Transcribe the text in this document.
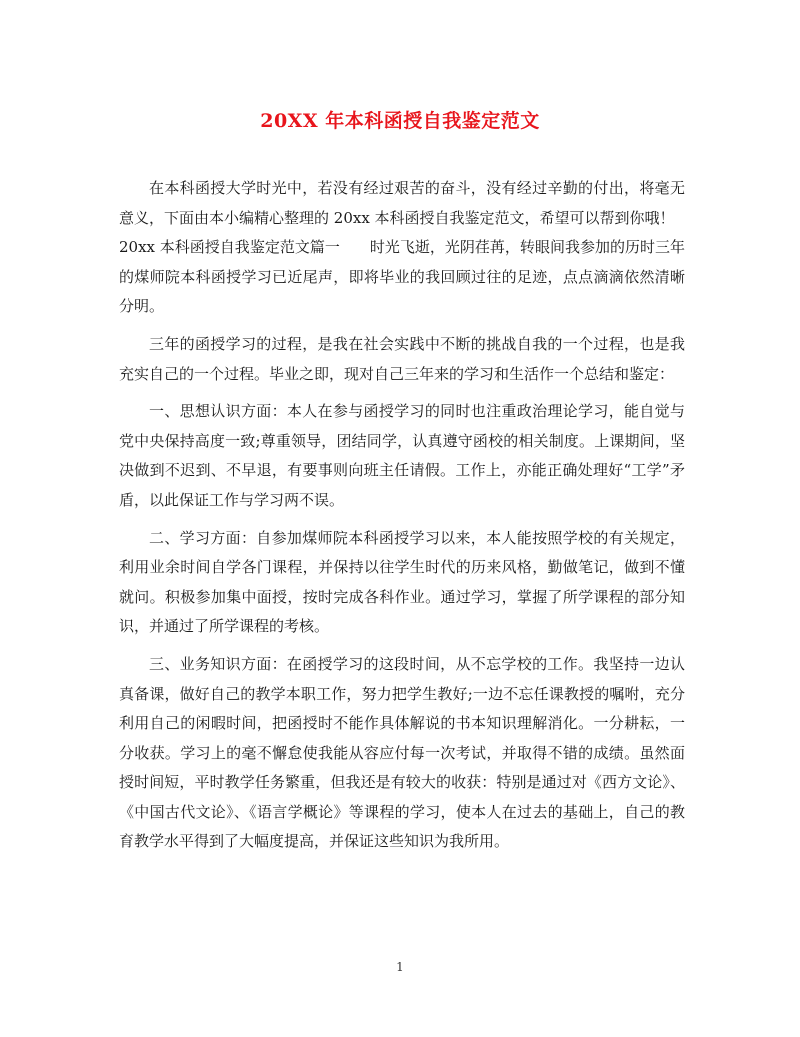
20XX 年本科函授自我鉴定范文

在本科函授大学时光中，若没有经过艰苦的奋斗，没有经过辛勤的付出，将毫无意义，下面由本小编精心整理的 20xx 本科函授自我鉴定范文，希望可以帮到你哦！

20xx 本科函授自我鉴定范文篇一　　时光飞逝，光阴荏苒，转眼间我参加的历时三年的煤师院本科函授学习已近尾声，即将毕业的我回顾过往的足迹，点点滴滴依然清晰分明。

三年的函授学习的过程，是我在社会实践中不断的挑战自我的一个过程，也是我充实自己的一个过程。毕业之即，现对自己三年来的学习和生活作一个总结和鉴定：

一、思想认识方面：本人在参与函授学习的同时也注重政治理论学习，能自觉与党中央保持高度一致;尊重领导，团结同学，认真遵守函校的相关制度。上课期间，坚决做到不迟到、不早退，有要事则向班主任请假。工作上，亦能正确处理好“工学”矛盾，以此保证工作与学习两不误。

二、学习方面：自参加煤师院本科函授学习以来，本人能按照学校的有关规定，利用业余时间自学各门课程，并保持以往学生时代的历来风格，勤做笔记，做到不懂就问。积极参加集中面授，按时完成各科作业。通过学习，掌握了所学课程的部分知识，并通过了所学课程的考核。

三、业务知识方面：在函授学习的这段时间，从不忘学校的工作。我坚持一边认真备课，做好自己的教学本职工作，努力把学生教好;一边不忘任课教授的嘱咐，充分利用自己的闲暇时间，把函授时不能作具体解说的书本知识理解消化。一分耕耘，一分收获。学习上的毫不懈怠使我能从容应付每一次考试，并取得不错的成绩。虽然面授时间短，平时教学任务繁重，但我还是有较大的收获：特别是通过对《西方文论》、《中国古代文论》、《语言学概论》等课程的学习，使本人在过去的基础上，自己的教育教学水平得到了大幅度提高，并保证这些知识为我所用。

1
